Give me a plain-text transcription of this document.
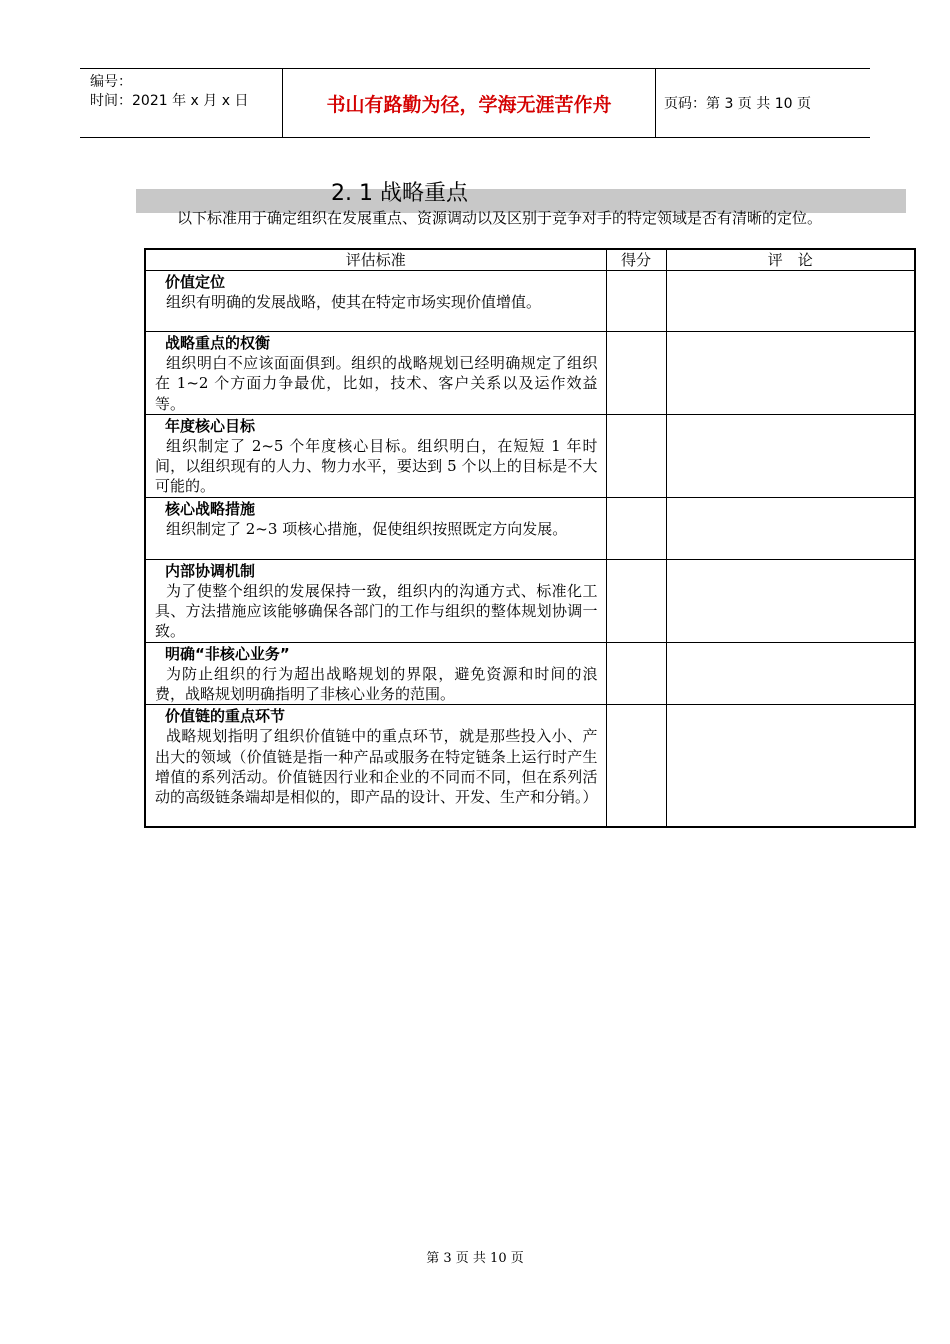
编号：
时间：2021 年 x 月 x 日	书山有路勤为径，学海无涯苦作舟	页码：第 3 页 共 10 页
2. 1 战略重点
以下标准用于确定组织在发展重点、资源调动以及区别于竞争对手的特定领域是否有清晰的定位。
评估标准	得分	评　论

价值定位
组织有明确的发展战略，使其在特定市场实现价值增值。		

战略重点的权衡
组织明白不应该面面俱到。组织的战略规划已经明确规定了组织在 1~2 个方面力争最优，比如，技术、客户关系以及运作效益等。		

年度核心目标
组织制定了 2~5 个年度核心目标。组织明白，在短短 1 年时间，以组织现有的人力、物力水平，要达到 5 个以上的目标是不大可能的。		

核心战略措施
组织制定了 2~3 项核心措施，促使组织按照既定方向发展。		

内部协调机制
为了使整个组织的发展保持一致，组织内的沟通方式、标准化工具、方法措施应该能够确保各部门的工作与组织的整体规划协调一致。		

明确“非核心业务”
为防止组织的行为超出战略规划的界限，避免资源和时间的浪费，战略规划明确指明了非核心业务的范围。		

价值链的重点环节
战略规划指明了组织价值链中的重点环节，就是那些投入小、产出大的领域（价值链是指一种产品或服务在特定链条上运行时产生增值的系列活动。价值链因行业和企业的不同而不同，但在系列活动的高级链条端却是相似的，即产品的设计、开发、生产和分销。）		

第 3 页 共 10 页
